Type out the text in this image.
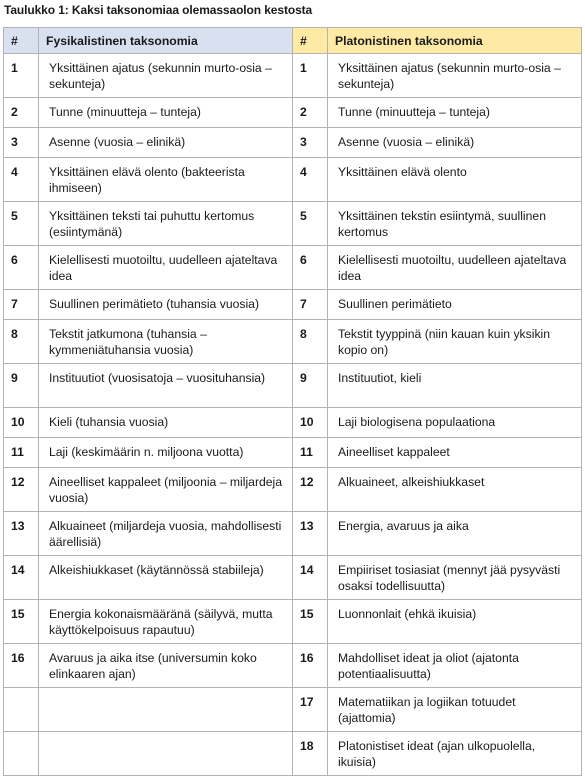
Taulukko 1: Kaksi taksonomiaa olemassaolon kestosta
#	Fysikalistinen taksonomia	#	Platonistinen taksonomia
1	Yksittäinen ajatus (sekunnin murto-osia – sekunteja)	1	Yksittäinen ajatus (sekunnin murto-osia – sekunteja)
2	Tunne (minuutteja – tunteja)	2	Tunne (minuutteja – tunteja)
3	Asenne (vuosia – elinikä)	3	Asenne (vuosia – elinikä)
4	Yksittäinen elävä olento (bakteerista ihmiseen)	4	Yksittäinen elävä olento
5	Yksittäinen teksti tai puhuttu kertomus (esiintymänä)	5	Yksittäinen tekstin esiintymä, suullinen kertomus
6	Kielellisesti muotoiltu, uudelleen ajateltava idea	6	Kielellisesti muotoiltu, uudelleen ajateltava idea
7	Suullinen perimätieto (tuhansia vuosia)	7	Suullinen perimätieto
8	Tekstit jatkumona (tuhansia – kymmeniätuhansia vuosia)	8	Tekstit tyyppinä (niin kauan kuin yksikin kopio on)
9	Instituutiot (vuosisatoja – vuosituhansia)	9	Instituutiot, kieli
10	Kieli (tuhansia vuosia)	10	Laji biologisena populaationa
11	Laji (keskimäärin n. miljoona vuotta)	11	Aineelliset kappaleet
12	Aineelliset kappaleet (miljoonia – miljardeja vuosia)	12	Alkuaineet, alkeishiukkaset
13	Alkuaineet (miljardeja vuosia, mahdollisesti äärellisiä)	13	Energia, avaruus ja aika
14	Alkeishiukkaset (käytännössä stabiileja)	14	Empiiriset tosiasiat (mennyt jää pysyvästi osaksi todellisuutta)
15	Energia kokonaismääränä (säilyvä, mutta käyttökelpoisuus rapautuu)	15	Luonnonlait (ehkä ikuisia)
16	Avaruus ja aika itse (universumin koko elinkaaren ajan)	16	Mahdolliset ideat ja oliot (ajatonta potentiaalisuutta)
		17	Matematiikan ja logiikan totuudet (ajattomia)
		18	Platonistiset ideat (ajan ulkopuolella, ikuisia)
